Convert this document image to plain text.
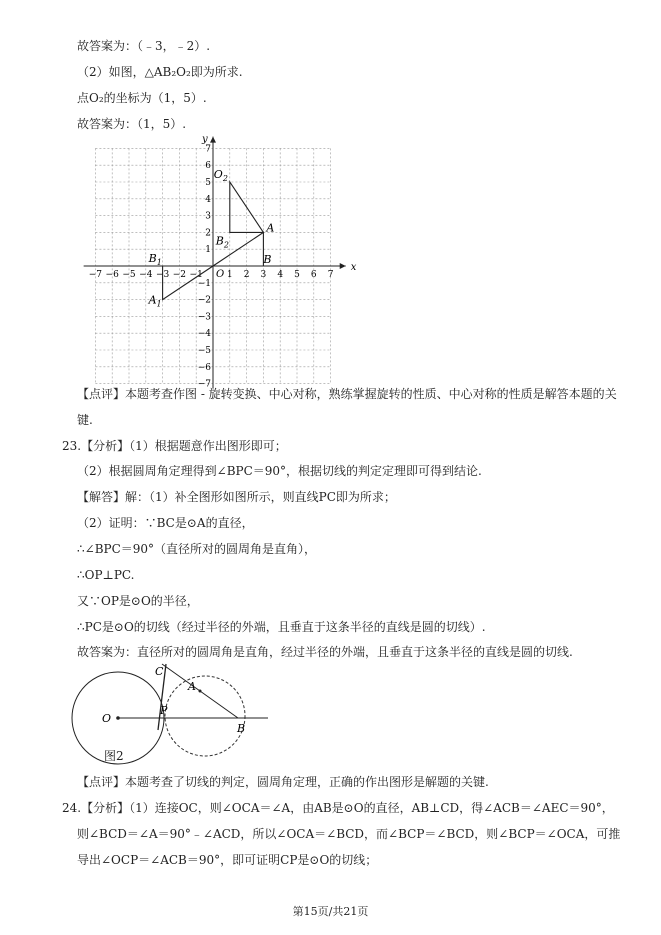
故答案为：（﹣3，﹣2）.
（2）如图，△AB₂O₂即为所求.
点O₂的坐标为（1，5）.
故答案为：（1，5）.
x
y
O
−7 −6 −5 −4 −3 −2 −1	1 2 3 4 5 6 7
7
6
5
4
3
2
1
−1
−2
−3
−4
−5
−6
−7
$O_2$
$B_2$
A
B
$B_1$
$A_1$
【点评】本题考查作图 - 旋转变换、中心对称，熟练掌握旋转的性质、中心对称的性质是解答本题的关
键.
23.【分析】（1）根据题意作出图形即可；
（2）根据圆周角定理得到∠BPC＝90°，根据切线的判定定理即可得到结论.
【解答】解：（1）补全图形如图所示，则直线PC即为所求；
（2）证明：∵BC是⊙A的直径，
∴∠BPC＝90°（直径所对的圆周角是直角），
∴OP⊥PC.
又∵OP是⊙O的半径，
∴PC是⊙O的切线（经过半径的外端，且垂直于这条半径的直线是圆的切线）.
故答案为：直径所对的圆周角是直角，经过半径的外端，且垂直于这条半径的直线是圆的切线.
O
P
C
A
B
图2
【点评】本题考查了切线的判定，圆周角定理，正确的作出图形是解题的关键.
24.【分析】（1）连接OC，则∠OCA＝∠A，由AB是⊙O的直径，AB⊥CD，得∠ACB＝∠AEC＝90°，
则∠BCD＝∠A＝90°﹣∠ACD，所以∠OCA＝∠BCD，而∠BCP＝∠BCD，则∠BCP＝∠OCA，可推
导出∠OCP＝∠ACB＝90°，即可证明CP是⊙O的切线；
第15页/共21页
